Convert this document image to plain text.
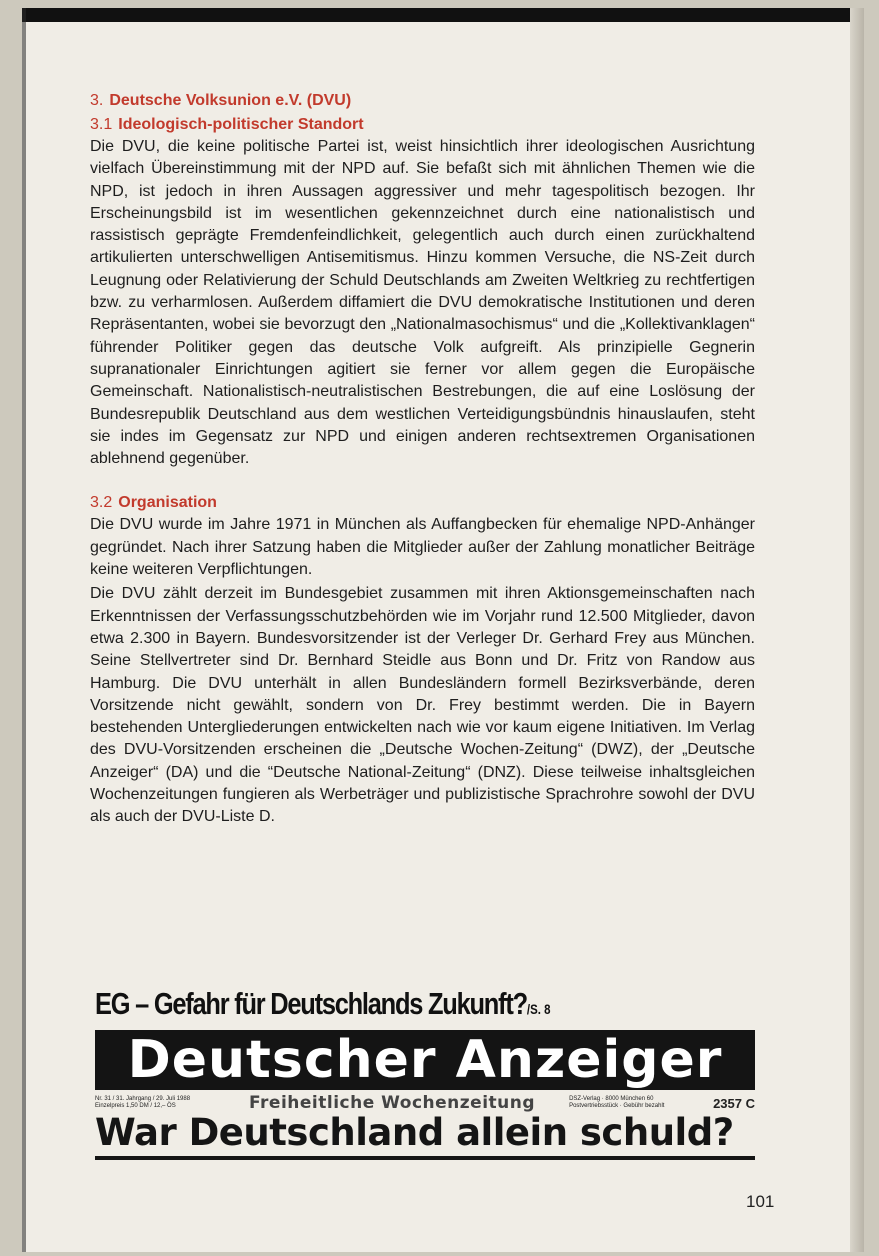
3. Deutsche Volksunion e.V. (DVU)

3.1 Ideologisch-politischer Standort

Die DVU, die keine politische Partei ist, weist hinsichtlich ihrer ideologischen Ausrichtung vielfach Übereinstimmung mit der NPD auf. Sie befaßt sich mit ähnlichen Themen wie die NPD, ist jedoch in ihren Aussagen aggressiver und mehr tagespolitisch bezogen. Ihr Erscheinungsbild ist im wesentlichen gekennzeichnet durch eine nationalistisch und rassistisch geprägte Fremdenfeindlichkeit, gelegentlich auch durch einen zurückhaltend artikulierten unterschwelligen Antisemitismus. Hinzu kommen Versuche, die NS-Zeit durch Leugnung oder Relativierung der Schuld Deutschlands am Zweiten Weltkrieg zu rechtfertigen bzw. zu verharmlosen. Außerdem diffamiert die DVU demokratische Institutionen und deren Repräsentanten, wobei sie bevorzugt den „Nationalmasochismus“ und die „Kollektivanklagen“ führender Politiker gegen das deutsche Volk aufgreift. Als prinzipielle Gegnerin supranationaler Einrichtungen agitiert sie ferner vor allem gegen die Europäische Gemeinschaft. Nationalistisch-neutralistischen Bestrebungen, die auf eine Loslösung der Bundesrepublik Deutschland aus dem westlichen Verteidigungsbündnis hinauslaufen, steht sie indes im Gegensatz zur NPD und einigen anderen rechtsextremen Organisationen ablehnend gegenüber.

3.2 Organisation

Die DVU wurde im Jahre 1971 in München als Auffangbecken für ehemalige NPD-Anhänger gegründet. Nach ihrer Satzung haben die Mitglieder außer der Zahlung monatlicher Beiträge keine weiteren Verpflichtungen.

Die DVU zählt derzeit im Bundesgebiet zusammen mit ihren Aktionsgemeinschaften nach Erkenntnissen der Verfassungsschutzbehörden wie im Vorjahr rund 12.500 Mitglieder, davon etwa 2.300 in Bayern. Bundesvorsitzender ist der Verleger Dr. Gerhard Frey aus München. Seine Stellvertreter sind Dr. Bernhard Steidle aus Bonn und Dr. Fritz von Randow aus Hamburg. Die DVU unterhält in allen Bundesländern formell Bezirksverbände, deren Vorsitzende nicht gewählt, sondern von Dr. Frey bestimmt werden. Die in Bayern bestehenden Untergliederungen entwickelten nach wie vor kaum eigene Initiativen. Im Verlag des DVU-Vorsitzenden erscheinen die „Deutsche Wochen-Zeitung“ (DWZ), der „Deutsche Anzeiger“ (DA) und die “Deutsche National-Zeitung“ (DNZ). Diese teilweise inhaltsgleichen Wochenzeitungen fungieren als Werbeträger und publizistische Sprachrohre sowohl der DVU als auch der DVU-Liste D.

EG – Gefahr für Deutschlands Zukunft?/S. 8
Deutscher Anzeiger
Nr. 31 / 31. Jahrgang / 29. Juli 1988
Einzelpreis 1,50 DM / 12,– ÖS	Freiheitliche Wochenzeitung	DSZ-Verlag · 8000 München 60
Postvertriebsstück · Gebühr bezahlt	2357 C
War Deutschland allein schuld?
101
